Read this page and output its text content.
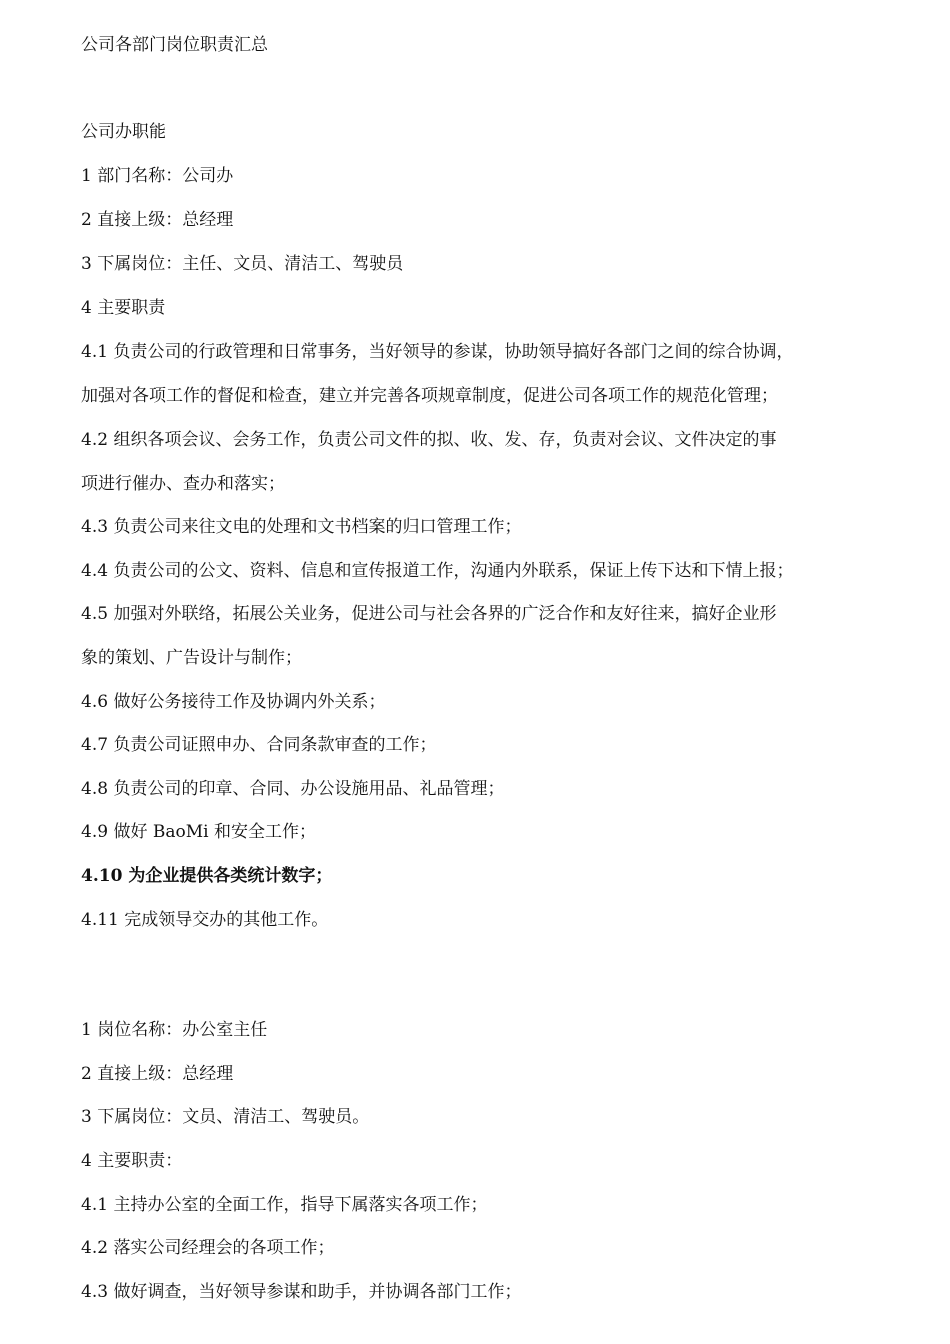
公司各部门岗位职责汇总

公司办职能

1 部门名称：公司办

2 直接上级：总经理

3 下属岗位：主任、文员、清洁工、驾驶员

4 主要职责

4.1 负责公司的行政管理和日常事务，当好领导的参谋，协助领导搞好各部门之间的综合协调，

加强对各项工作的督促和检查，建立并完善各项规章制度，促进公司各项工作的规范化管理；

4.2 组织各项会议、会务工作，负责公司文件的拟、收、发、存，负责对会议、文件决定的事

项进行催办、查办和落实；

4.3 负责公司来往文电的处理和文书档案的归口管理工作；

4.4 负责公司的公文、资料、信息和宣传报道工作，沟通内外联系，保证上传下达和下情上报；

4.5 加强对外联络，拓展公关业务，促进公司与社会各界的广泛合作和友好往来，搞好企业形

象的策划、广告设计与制作；

4.6 做好公务接待工作及协调内外关系；

4.7 负责公司证照申办、合同条款审查的工作；

4.8 负责公司的印章、合同、办公设施用品、礼品管理；

4.9 做好 BaoMi 和安全工作；

4.10 为企业提供各类统计数字；

4.11 完成领导交办的其他工作。

1 岗位名称：办公室主任

2 直接上级：总经理

3 下属岗位：文员、清洁工、驾驶员。

4 主要职责：

4.1 主持办公室的全面工作，指导下属落实各项工作；

4.2 落实公司经理会的各项工作；

4.3 做好调查，当好领导参谋和助手，并协调各部门工作；
